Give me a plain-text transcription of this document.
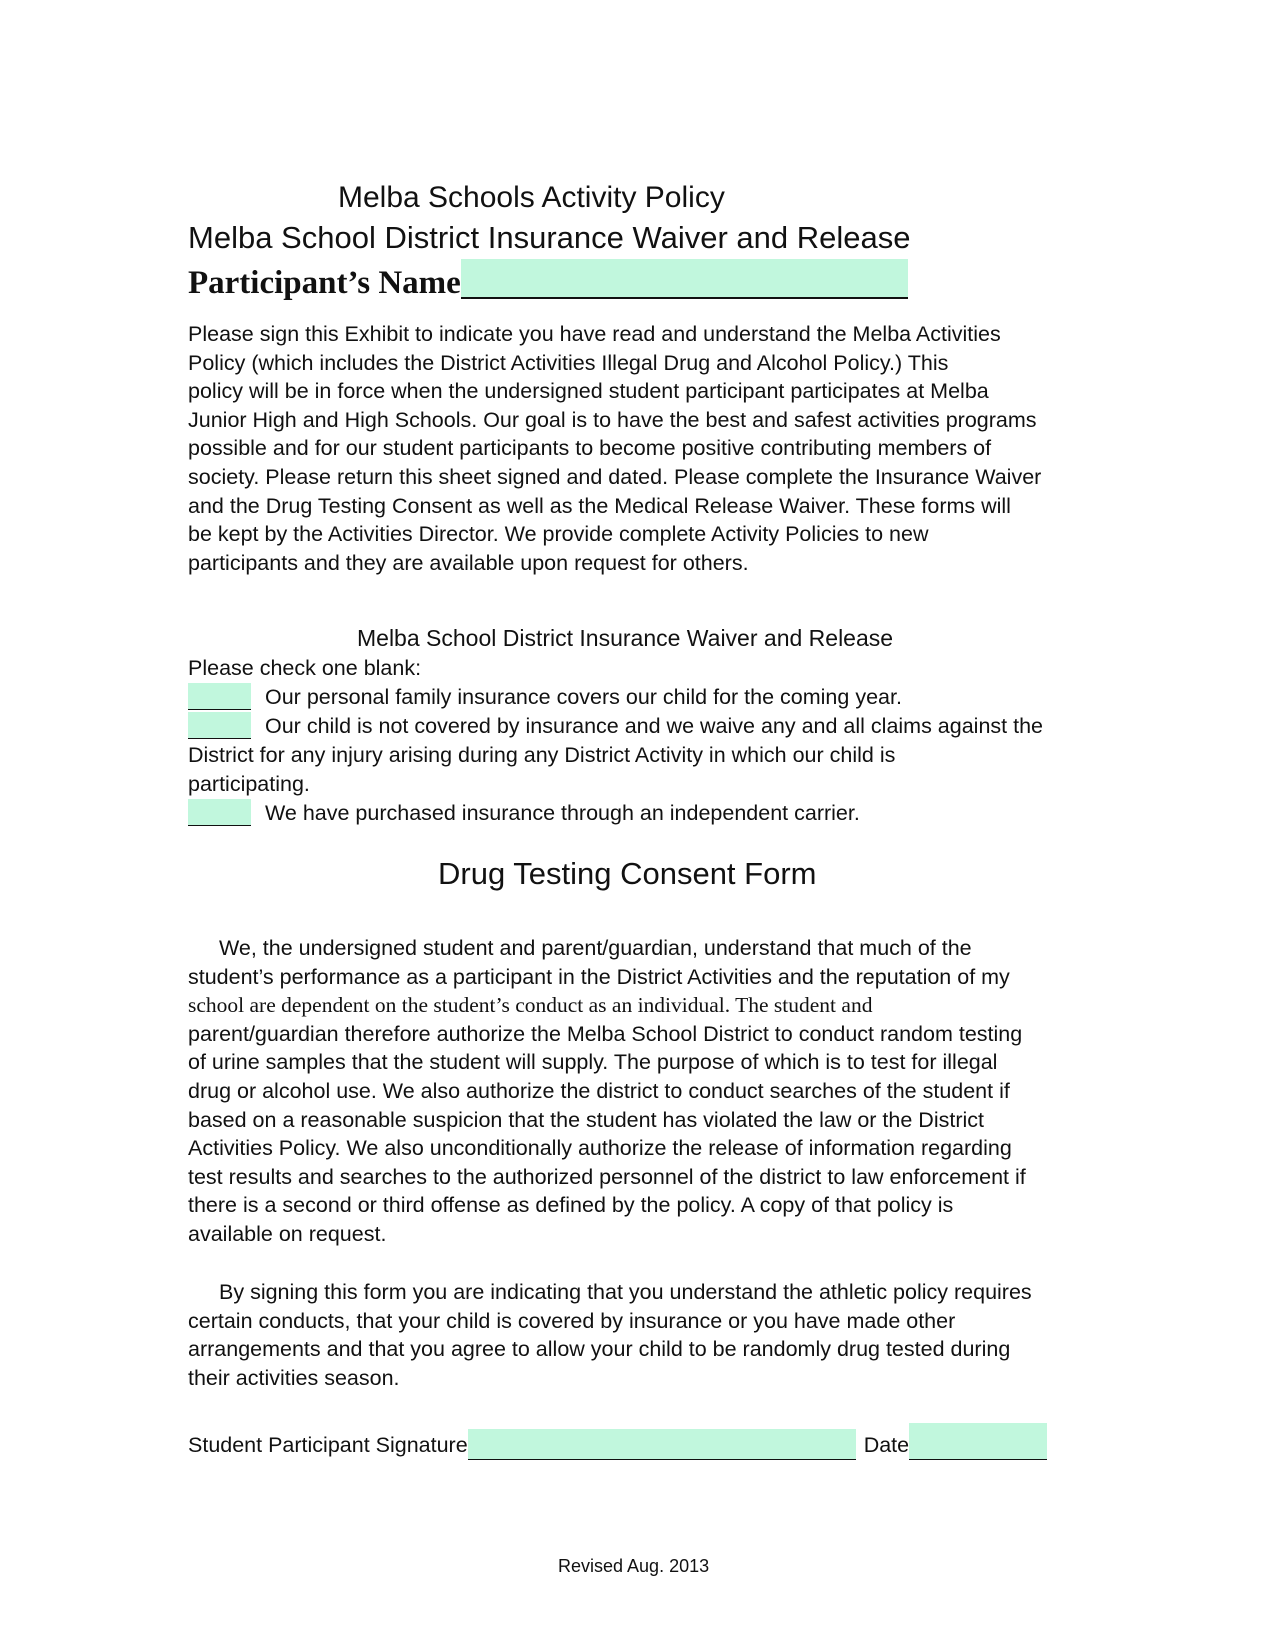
Melba Schools Activity Policy
Melba School District Insurance Waiver and Release
Participant’s Name
Please sign this Exhibit to indicate you have read and understand the Melba Activities
Policy (which includes the District Activities Illegal Drug and Alcohol Policy.) This
policy will be in force when the undersigned student participant participates at Melba
Junior High and High Schools. Our goal is to have the best and safest activities programs
possible and for our student participants to become positive contributing members of
society. Please return this sheet signed and dated. Please complete the Insurance Waiver
and the Drug Testing Consent as well as the Medical Release Waiver. These forms will
be kept by the Activities Director. We provide complete Activity Policies to new
participants and they are available upon request for others.
Melba School District Insurance Waiver and Release
Please check one blank:
Our personal family insurance covers our child for the coming year.
Our child is not covered by insurance and we waive any and all claims against the
District for any injury arising during any District Activity in which our child is
participating.
We have purchased insurance through an independent carrier.
Drug Testing Consent Form
We, the undersigned student and parent/guardian, understand that much of the
student’s performance as a participant in the District Activities and the reputation of my
school are dependent on the student’s conduct as an individual. The student and
parent/guardian therefore authorize the Melba School District to conduct random testing
of urine samples that the student will supply. The purpose of which is to test for illegal
drug or alcohol use. We also authorize the district to conduct searches of the student if
based on a reasonable suspicion that the student has violated the law or the District
Activities Policy. We also unconditionally authorize the release of information regarding
test results and searches to the authorized personnel of the district to law enforcement if
there is a second or third offense as defined by the policy. A copy of that policy is
available on request.
By signing this form you are indicating that you understand the athletic policy requires
certain conducts, that your child is covered by insurance or you have made other
arrangements and that you agree to allow your child to be randomly drug tested during
their activities season.
Student Participant Signature	Date
Revised Aug. 2013
